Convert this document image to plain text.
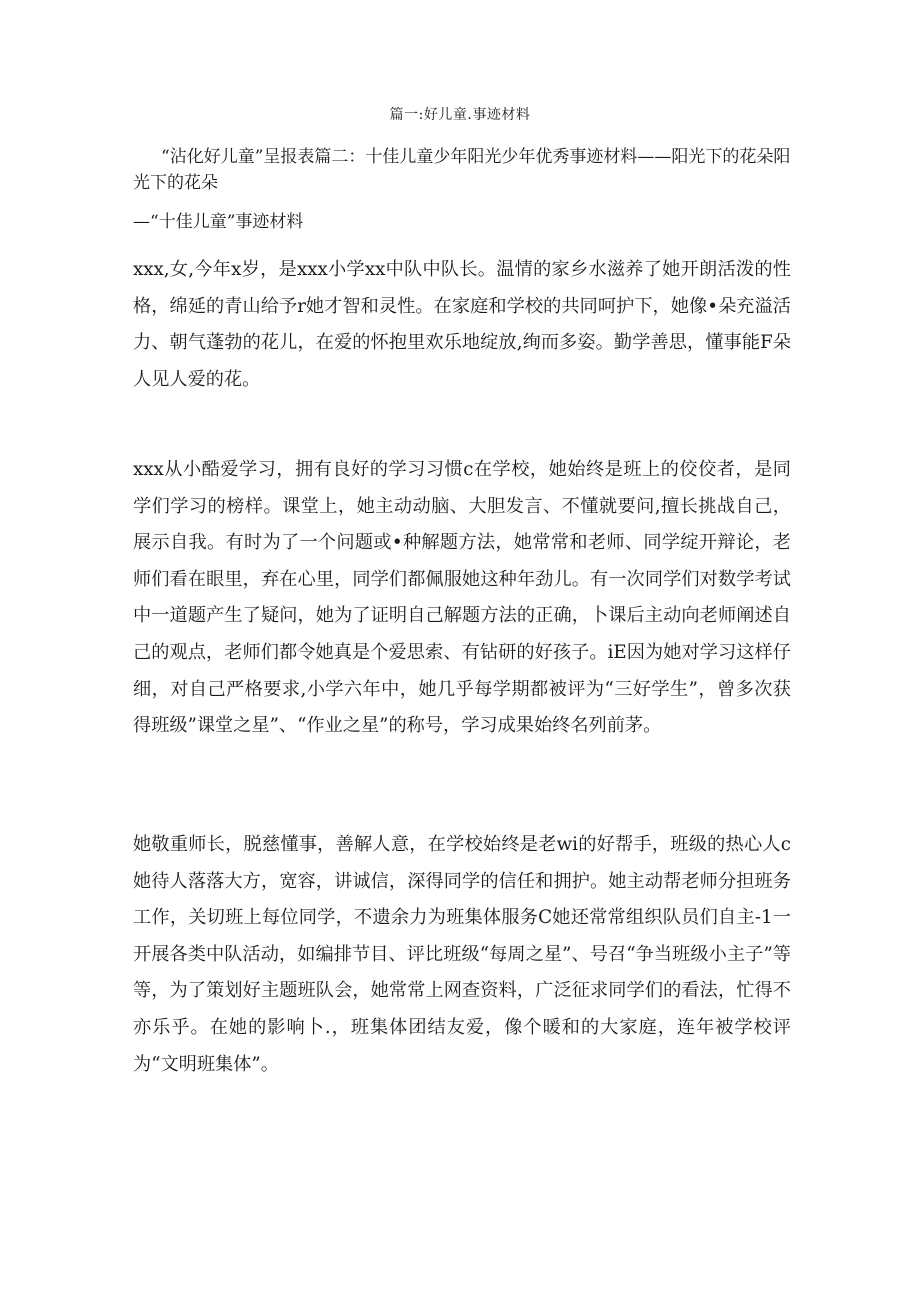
篇一:好儿童.事迹材料

“沾化好儿童”呈报表篇二：十佳儿童少年阳光少年优秀事迹材料——阳光下的花朵阳光下的花朵

—“十佳儿童”事迹材料

xxx,女,今年x岁，是xxx小学xx中队中队长。温情的家乡水滋养了她开朗活泼的性格，绵延的青山给予r她才智和灵性。在家庭和学校的共同呵护下，她像•朵充溢活力、朝气蓬勃的花儿，在爱的怀抱里欢乐地绽放,绚而多姿。勤学善思，懂事能F朵人见人爱的花。

xxx从小酷爱学习，拥有良好的学习习惯c在学校，她始终是班上的佼佼者，是同学们学习的榜样。课堂上，她主动动脑、大胆发言、不懂就要问,擅长挑战自己，展示自我。有时为了一个问题或•种解题方法，她常常和老师、同学绽开辩论，老师们看在眼里，弃在心里，同学们都佩服她这种年劲儿。有一次同学们对数学考试中一道题产生了疑问，她为了证明自己解题方法的正确，卜课后主动向老师阐述自己的观点，老师们都令她真是个爱思索、有钻研的好孩子。iE因为她对学习这样仔细，对自己严格要求,小学六年中，她几乎每学期都被评为“三好学生”，曾多次获得班级”课堂之星”、“作业之星”的称号，学习成果始终名列前茅。

她敬重师长，脱慈懂事，善解人意，在学校始终是老wi的好帮手，班级的热心人c她待人落落大方，宽容，讲诚信，深得同学的信任和拥护。她主动帮老师分担班务工作，关切班上每位同学，不遗余力为班集体服务C她还常常组织队员们自主-1一开展各类中队活动，如编排节目、评比班级“每周之星”、号召“争当班级小主子”等等，为了策划好主题班队会，她常常上网查资料，广泛征求同学们的看法，忙得不亦乐乎。在她的影响卜.，班集体团结友爱，像个暖和的大家庭，连年被学校评为“文明班集体”。
